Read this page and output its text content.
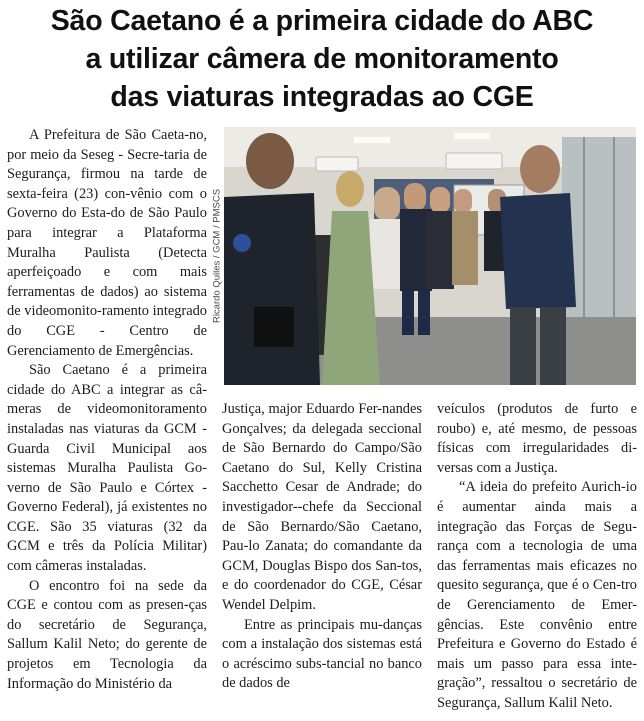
São Caetano é a primeira cidade do ABC
a utilizar câmera de monitoramento
das viaturas integradas ao CGE

A Prefeitura de São Caeta-no, por meio da Seseg - Secre-taria de Segurança, firmou na tarde de sexta-feira (23) con-vênio com o Governo do Esta-do de São Paulo para integrar a Plataforma Muralha Paulista (Detecta aperfeiçoado e com mais ferramentas de dados) ao sistema de videomonito-ramento integrado do CGE - Centro de Gerenciamento de Emergências.

São Caetano é a primeira cidade do ABC a integrar as câ-meras de videomonitoramento instaladas nas viaturas da GCM - Guarda Civil Municipal aos sistemas Muralha Paulista Go-verno de São Paulo e Córtex - Governo Federal), já existentes no CGE. São 35 viaturas (32 da GCM e três da Polícia Militar) com câmeras instaladas.

O encontro foi na sede da CGE e contou com as presen-ças do secretário de Segurança, Sallum Kalil Neto; do gerente de projetos em Tecnologia da Informação do Ministério da

Ricardo Quiles / GCM / PMSCS

Justiça, major Eduardo Fer-nandes Gonçalves; da delegada seccional de São Bernardo do Campo/São Caetano do Sul, Kelly Cristina Sacchetto Cesar de Andrade; do investigador--chefe da Seccional de São Bernardo/São Caetano, Pau-lo Zanata; do comandante da GCM, Douglas Bispo dos San-tos, e do coordenador do CGE, César Wendel Delpim.

Entre as principais mu-danças com a instalação dos sistemas está o acréscimo subs-tancial no banco de dados de

veículos (produtos de furto e roubo) e, até mesmo, de pessoas físicas com irregularidades di-versas com a Justiça.

“A ideia do prefeito Aurich-io é aumentar ainda mais a integração das Forças de Segu-rança com a tecnologia de uma das ferramentas mais eficazes no quesito segurança, que é o Cen-tro de Gerenciamento de Emer-gências. Este convênio entre Prefeitura e Governo do Estado é mais um passo para essa inte-gração”, ressaltou o secretário de Segurança, Sallum Kalil Neto.
